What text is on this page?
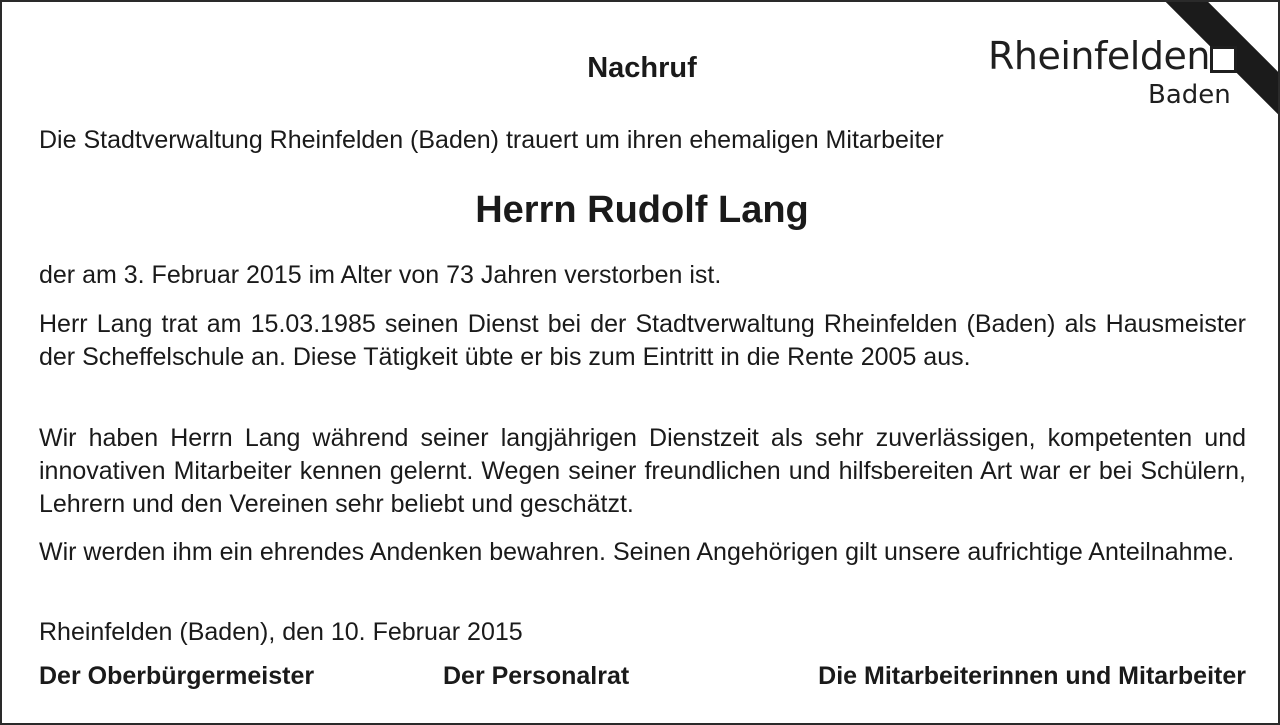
Rheinfelden
Baden
Nachruf
Die Stadtverwaltung Rheinfelden (Baden) trauert um ihren ehemaligen Mitarbeiter
Herrn Rudolf Lang

der am 3. Februar 2015 im Alter von 73 Jahren verstorben ist.

Herr Lang trat am 15.03.1985 seinen Dienst bei der Stadtverwaltung Rheinfelden (Baden) als Hausmeister der Scheffelschule an. Diese Tätigkeit übte er bis zum Eintritt in die Rente 2005 aus.

Wir haben Herrn Lang während seiner langjährigen Dienstzeit als sehr zuverlässigen, kompetenten und innovativen Mitarbeiter kennen gelernt. Wegen seiner freundlichen und hilfsbereiten Art war er bei Schülern, Lehrern und den Vereinen sehr beliebt und geschätzt.

Wir werden ihm ein ehrendes Andenken bewahren. Seinen Angehörigen gilt unsere aufrichtige Anteilnahme.

Rheinfelden (Baden), den 10. Februar 2015

Der Oberbürgermeister	Der Personalrat	Die Mitarbeiterinnen und Mitarbeiter
